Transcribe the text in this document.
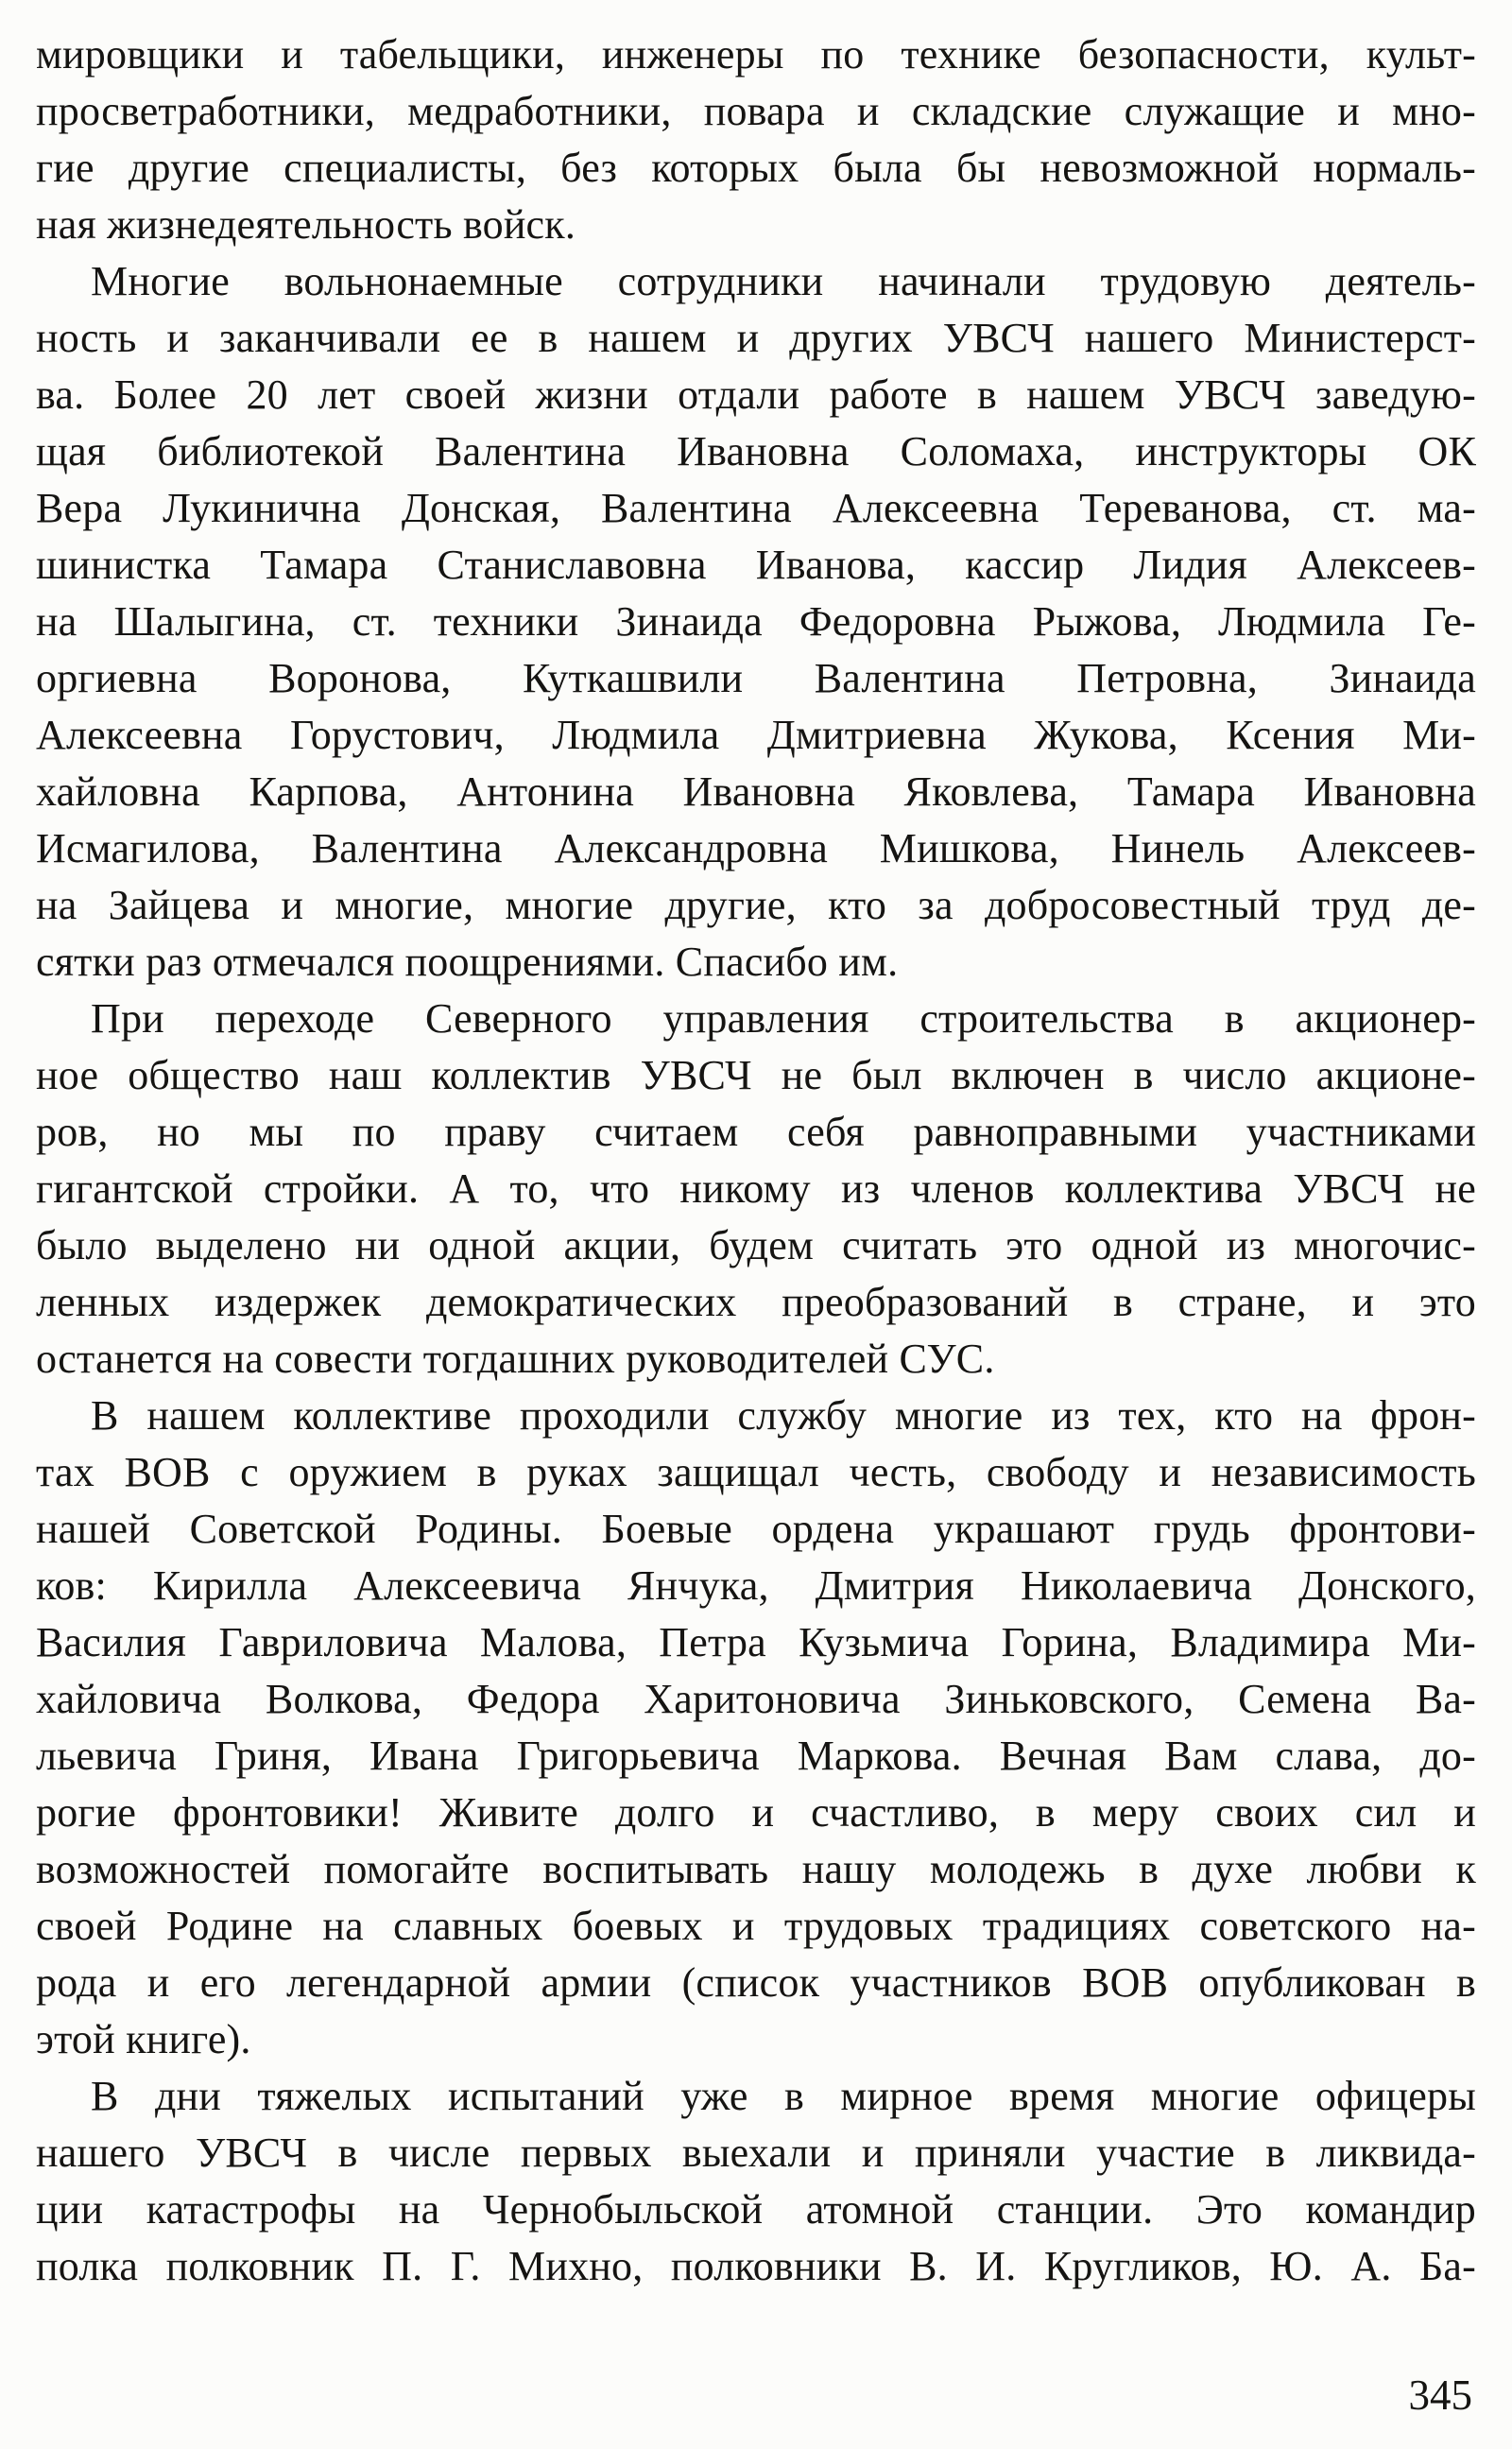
мировщики и табельщики, инженеры по технике безопасности, культ-
просветработники, медработники, повара и складские служащие и мно-
гие другие специалисты, без которых была бы невозможной нормаль-
ная жизнедеятельность войск.
Многие вольнонаемные сотрудники начинали трудовую деятель-
ность и заканчивали ее в нашем и других УВСЧ нашего Министерст-
ва. Более 20 лет своей жизни отдали работе в нашем УВСЧ заведую-
щая библиотекой Валентина Ивановна Соломаха, инструкторы ОК
Вера Лукинична Донская, Валентина Алексеевна Тереванова, ст. ма-
шинистка Тамара Станиславовна Иванова, кассир Лидия Алексеев-
на Шалыгина, ст. техники Зинаида Федоровна Рыжова, Людмила Ге-
оргиевна Воронова, Куткашвили Валентина Петровна, Зинаида
Алексеевна Горустович, Людмила Дмитриевна Жукова, Ксения Ми-
хайловна Карпова, Антонина Ивановна Яковлева, Тамара Ивановна
Исмагилова, Валентина Александровна Мишкова, Нинель Алексеев-
на Зайцева и многие, многие другие, кто за добросовестный труд де-
сятки раз отмечался поощрениями. Спасибо им.
При переходе Северного управления строительства в акционер-
ное общество наш коллектив УВСЧ не был включен в число акционе-
ров, но мы по праву считаем себя равноправными участниками
гигантской стройки. А то, что никому из членов коллектива УВСЧ не
было выделено ни одной акции, будем считать это одной из многочис-
ленных издержек демократических преобразований в стране, и это
останется на совести тогдашних руководителей СУС.
В нашем коллективе проходили службу многие из тех, кто на фрон-
тах ВОВ с оружием в руках защищал честь, свободу и независимость
нашей Советской Родины. Боевые ордена украшают грудь фронтови-
ков: Кирилла Алексеевича Янчука, Дмитрия Николаевича Донского,
Василия Гавриловича Малова, Петра Кузьмича Горина, Владимира Ми-
хайловича Волкова, Федора Харитоновича Зиньковского, Семена Ва-
льевича Гриня, Ивана Григорьевича Маркова. Вечная Вам слава, до-
рогие фронтовики! Живите долго и счастливо, в меру своих сил и
возможностей помогайте воспитывать нашу молодежь в духе любви к
своей Родине на славных боевых и трудовых традициях советского на-
рода и его легендарной армии (список участников ВОВ опубликован в
этой книге).
В дни тяжелых испытаний уже в мирное время многие офицеры
нашего УВСЧ в числе первых выехали и приняли участие в ликвида-
ции катастрофы на Чернобыльской атомной станции. Это командир
полка полковник П. Г. Михно, полковники В. И. Кругликов, Ю. А. Ба-
345
